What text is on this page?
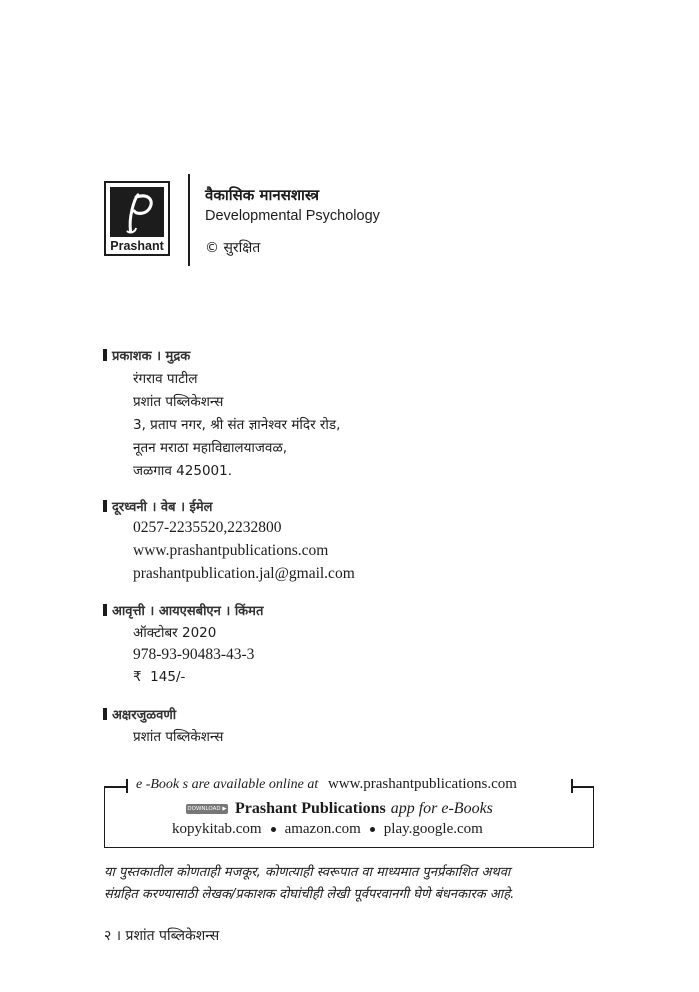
Prashant
वैकासिक मानसशास्त्र
Developmental Psychology
© सुरक्षित
प्रकाशक । मुद्रक
रंगराव पाटील
प्रशांत पब्लिकेशन्स
3, प्रताप नगर, श्री संत ज्ञानेश्वर मंदिर रोड,
नूतन मराठा महाविद्यालयाजवळ,
जळगाव 425001.
दूरध्वनी । वेब । ईमेल
0257-2235520,2232800
www.prashantpublications.com
prashantpublication.jal@gmail.com
आवृत्ती । आयएसबीएन । किंमत
ऑक्टोबर 2020
978-93-90483-43-3
₹  145/-
अक्षरजुळवणी
प्रशांत पब्लिकेशन्स
e -Book s are available online at www.prashantpublications.com
DOWNLOAD ▶ Prashant Publications app for e-Books
kopykitab.com amazon.com play.google.com
या पुस्तकातील कोणताही मजकूर, कोणत्याही स्वरूपात वा माध्यमात पुनर्प्रकाशित अथवा
संग्रहित करण्यासाठी लेखक/प्रकाशक दोघांचीही लेखी पूर्वपरवानगी घेणे बंधनकारक आहे.
२ । प्रशांत पब्लिकेशन्स
